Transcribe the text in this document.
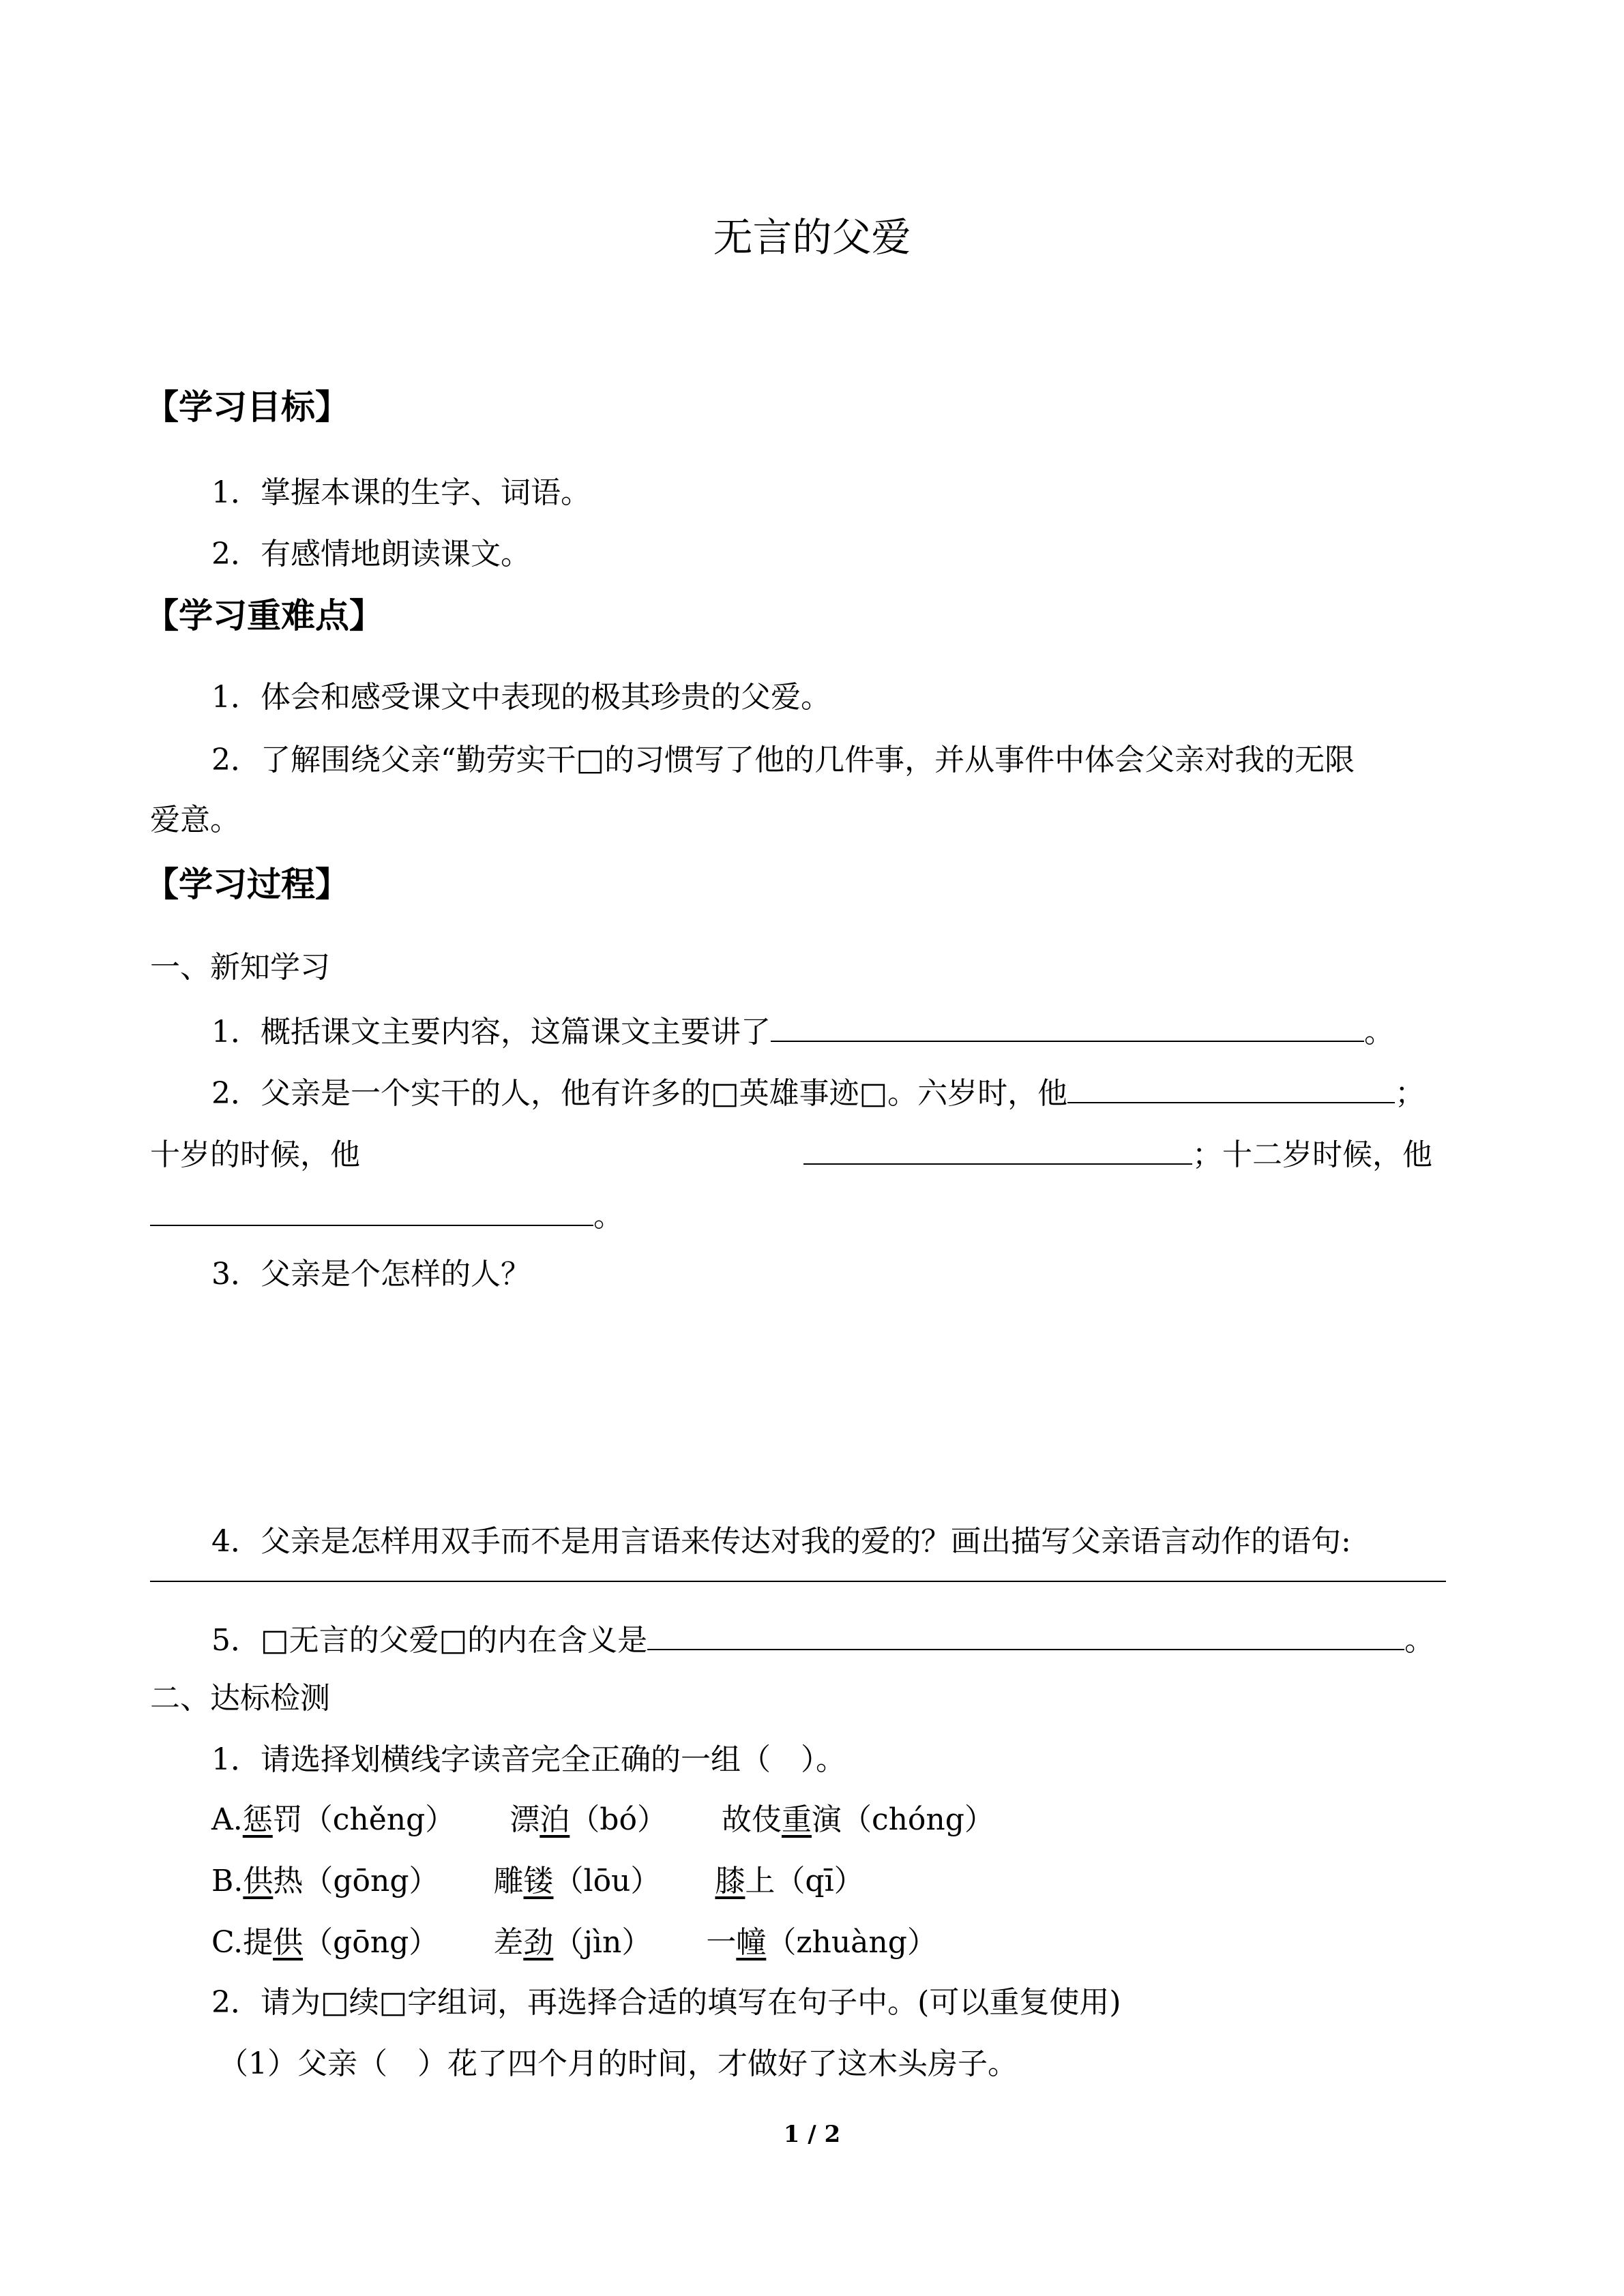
无言的父爱
【学习目标】
1．掌握本课的生字、词语。
2．有感情地朗读课文。
【学习重难点】
1．体会和感受课文中表现的极其珍贵的父爱。
2．了解围绕父亲“勤劳实干□的习惯写了他的几件事，并从事件中体会父亲对我的无限
爱意。
【学习过程】
一、新知学习
1．概括课文主要内容，这篇课文主要讲了	。
2．父亲是一个实干的人，他有许多的□英雄事迹□。六岁时，他	；
十岁的时候，他	；十二岁时候，他
。
3．父亲是个怎样的人？
4．父亲是怎样用双手而不是用言语来传达对我的爱的？画出描写父亲语言动作的语句:
5．□无言的父爱□的内在含义是	。
二、达标检测
1．请选择划横线字读音完全正确的一组（　）。
A.惩罚（chěng） 漂泊（bó） 故伎重演（chóng）
B.供热（gōng） 雕镂（lōu） 膝上（qī）
C.提供（gōng） 差劲（jìn） 一幢（zhuàng）
2．请为□续□字组词，再选择合适的填写在句子中。(可以重复使用)
（1）父亲（　）花了四个月的时间，才做好了这木头房子。
1 / 2
